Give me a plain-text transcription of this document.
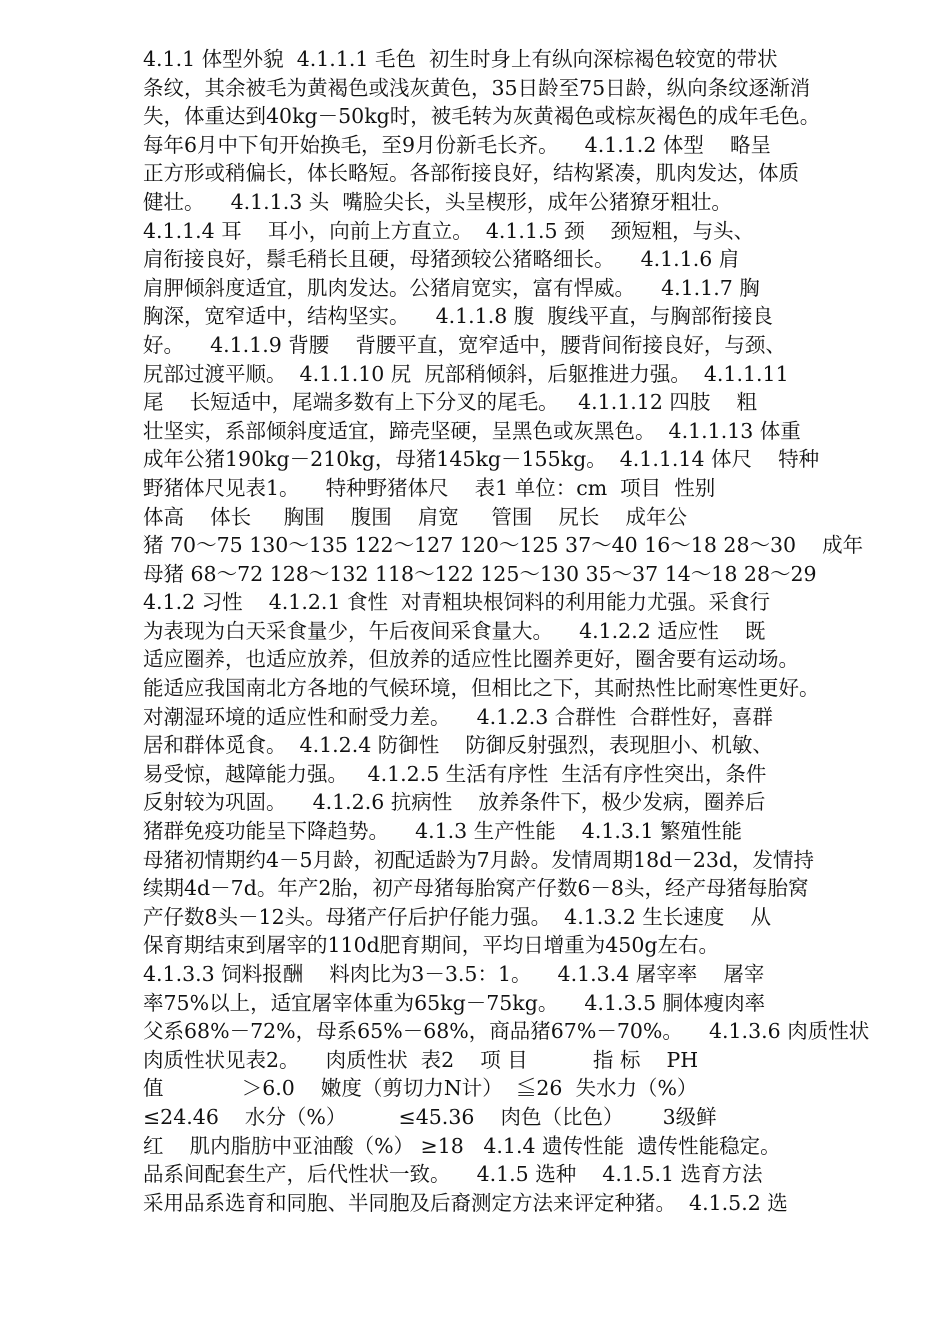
4.1.1 体型外貌  4.1.1.1 毛色  初生时身上有纵向深棕褐色较宽的带状
条纹，其余被毛为黄褐色或浅灰黄色，35日龄至75日龄，纵向条纹逐渐消
失，体重达到40kg－50kg时，被毛转为灰黄褐色或棕灰褐色的成年毛色。
每年6月中下旬开始换毛，至9月份新毛长齐。    4.1.1.2 体型    略呈
正方形或稍偏长，体长略短。各部衔接良好，结构紧凑，肌肉发达，体质
健壮。    4.1.1.3 头  嘴脸尖长，头呈楔形，成年公猪獠牙粗壮。
4.1.1.4 耳    耳小，向前上方直立。  4.1.1.5 颈    颈短粗，与头、
肩衔接良好，鬃毛稍长且硬，母猪颈较公猪略细长。    4.1.1.6 肩
肩胛倾斜度适宜，肌肉发达。公猪肩宽实，富有悍威。    4.1.1.7 胸
胸深，宽窄适中，结构坚实。    4.1.1.8 腹  腹线平直，与胸部衔接良
好。    4.1.1.9 背腰    背腰平直，宽窄适中，腰背间衔接良好，与颈、
尻部过渡平顺。  4.1.1.10 尻  尻部稍倾斜，后躯推进力强。  4.1.1.11
尾    长短适中，尾端多数有上下分叉的尾毛。   4.1.1.12 四肢    粗
壮坚实，系部倾斜度适宜，蹄壳坚硬，呈黑色或灰黑色。  4.1.1.13 体重
成年公猪190kg－210kg，母猪145kg－155kg。  4.1.1.14 体尺    特种
野猪体尺见表1。    特种野猪体尺    表1 单位：cm  项目  性别
体高    体长     胸围    腹围    肩宽     管围    尻长    成年公
猪 70～75 130～135 122～127 120～125 37～40 16～18 28～30    成年
母猪 68～72 128～132 118～122 125～130 35～37 14～18 28～29
4.1.2 习性    4.1.2.1 食性  对青粗块根饲料的利用能力尤强。采食行
为表现为白天采食量少，午后夜间采食量大。    4.1.2.2 适应性    既
适应圈养，也适应放养，但放养的适应性比圈养更好，圈舍要有运动场。
能适应我国南北方各地的气候环境，但相比之下，其耐热性比耐寒性更好。
对潮湿环境的适应性和耐受力差。    4.1.2.3 合群性  合群性好，喜群
居和群体觅食。  4.1.2.4 防御性    防御反射强烈，表现胆小、机敏、
易受惊，越障能力强。   4.1.2.5 生活有序性  生活有序性突出，条件
反射较为巩固。    4.1.2.6 抗病性    放养条件下，极少发病，圈养后
猪群免疫功能呈下降趋势。    4.1.3 生产性能    4.1.3.1 繁殖性能
母猪初情期约4－5月龄，初配适龄为7月龄。发情周期18d－23d，发情持
续期4d－7d。年产2胎，初产母猪每胎窝产仔数6－8头，经产母猪每胎窝
产仔数8头－12头。母猪产仔后护仔能力强。  4.1.3.2 生长速度    从
保育期结束到屠宰的110d肥育期间，平均日增重为450g左右。
4.1.3.3 饲料报酬    料肉比为3－3.5：1。    4.1.3.4 屠宰率    屠宰
率75%以上，适宜屠宰体重为65kg－75kg。    4.1.3.5 胴体瘦肉率
父系68%－72%，母系65%－68%，商品猪67%－70%。    4.1.3.6 肉质性状
肉质性状见表2。    肉质性状  表2    项 目          指 标    PH
值            ＞6.0    嫩度（剪切力N计）  ≦26  失水力（%）
≤24.46    水分（%）        ≤45.36    肉色（比色）      3级鲜
红    肌内脂肪中亚油酸（%） ≥18   4.1.4 遗传性能  遗传性能稳定。
品系间配套生产，后代性状一致。    4.1.5 选种    4.1.5.1 选育方法
采用品系选育和同胞、半同胞及后裔测定方法来评定种猪。  4.1.5.2 选
